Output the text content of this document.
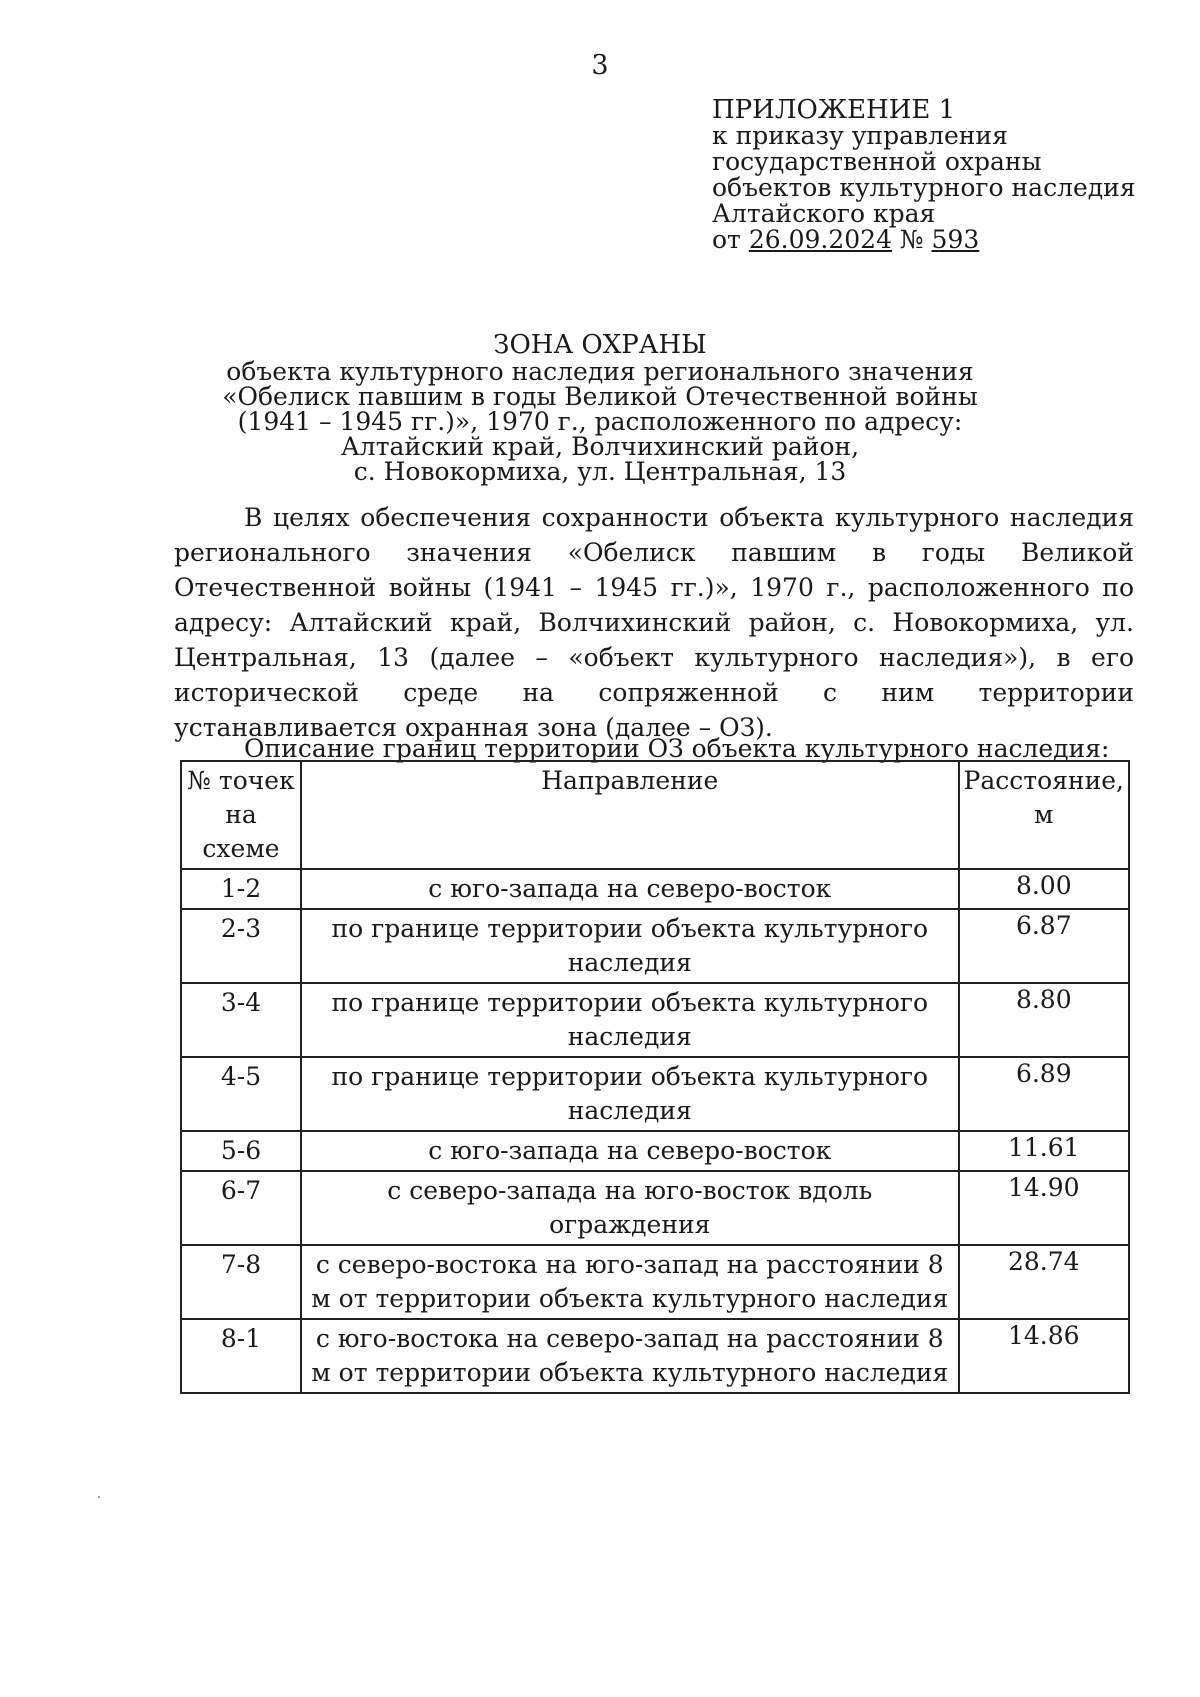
3
ПРИЛОЖЕНИЕ 1
к приказу управления
государственной охраны
объектов культурного наследия
Алтайского края
от 26.09.2024 № 593
ЗОНА ОХРАНЫ
объекта культурного наследия регионального значения
«Обелиск павшим в годы Великой Отечественной войны
(1941 – 1945 гг.)», 1970 г., расположенного по адресу:
Алтайский край, Волчихинский район,
с. Новокормиха, ул. Центральная, 13

В целях обеспечения сохранности объекта культурного наследия регионального значения «Обелиск павшим в годы Великой Отечественной войны (1941 – 1945 гг.)», 1970 г., расположенного по адресу: Алтайский край, Волчихинский район, с. Новокормиха, ул. Центральная, 13 (далее – «объект культурного наследия»), в его исторической среде на сопряженной с ним территории устанавливается охранная зона (далее – ОЗ).

Описание границ территории ОЗ объекта культурного наследия:
№ точек на схеме	Направление	Расстояние, м
1-2	с юго-запада на северо-восток	8.00
2-3	по границе территории объекта культурного наследия	6.87
3-4	по границе территории объекта культурного наследия	8.80
4-5	по границе территории объекта культурного наследия	6.89
5-6	с юго-запада на северо-восток	11.61
6-7	с северо-запада на юго-восток вдоль ограждения	14.90
7-8	с северо-востока на юго-запад на расстоянии 8 м от территории объекта культурного наследия	28.74
8-1	с юго-востока на северо-запад на расстоянии 8 м от территории объекта культурного наследия	14.86
